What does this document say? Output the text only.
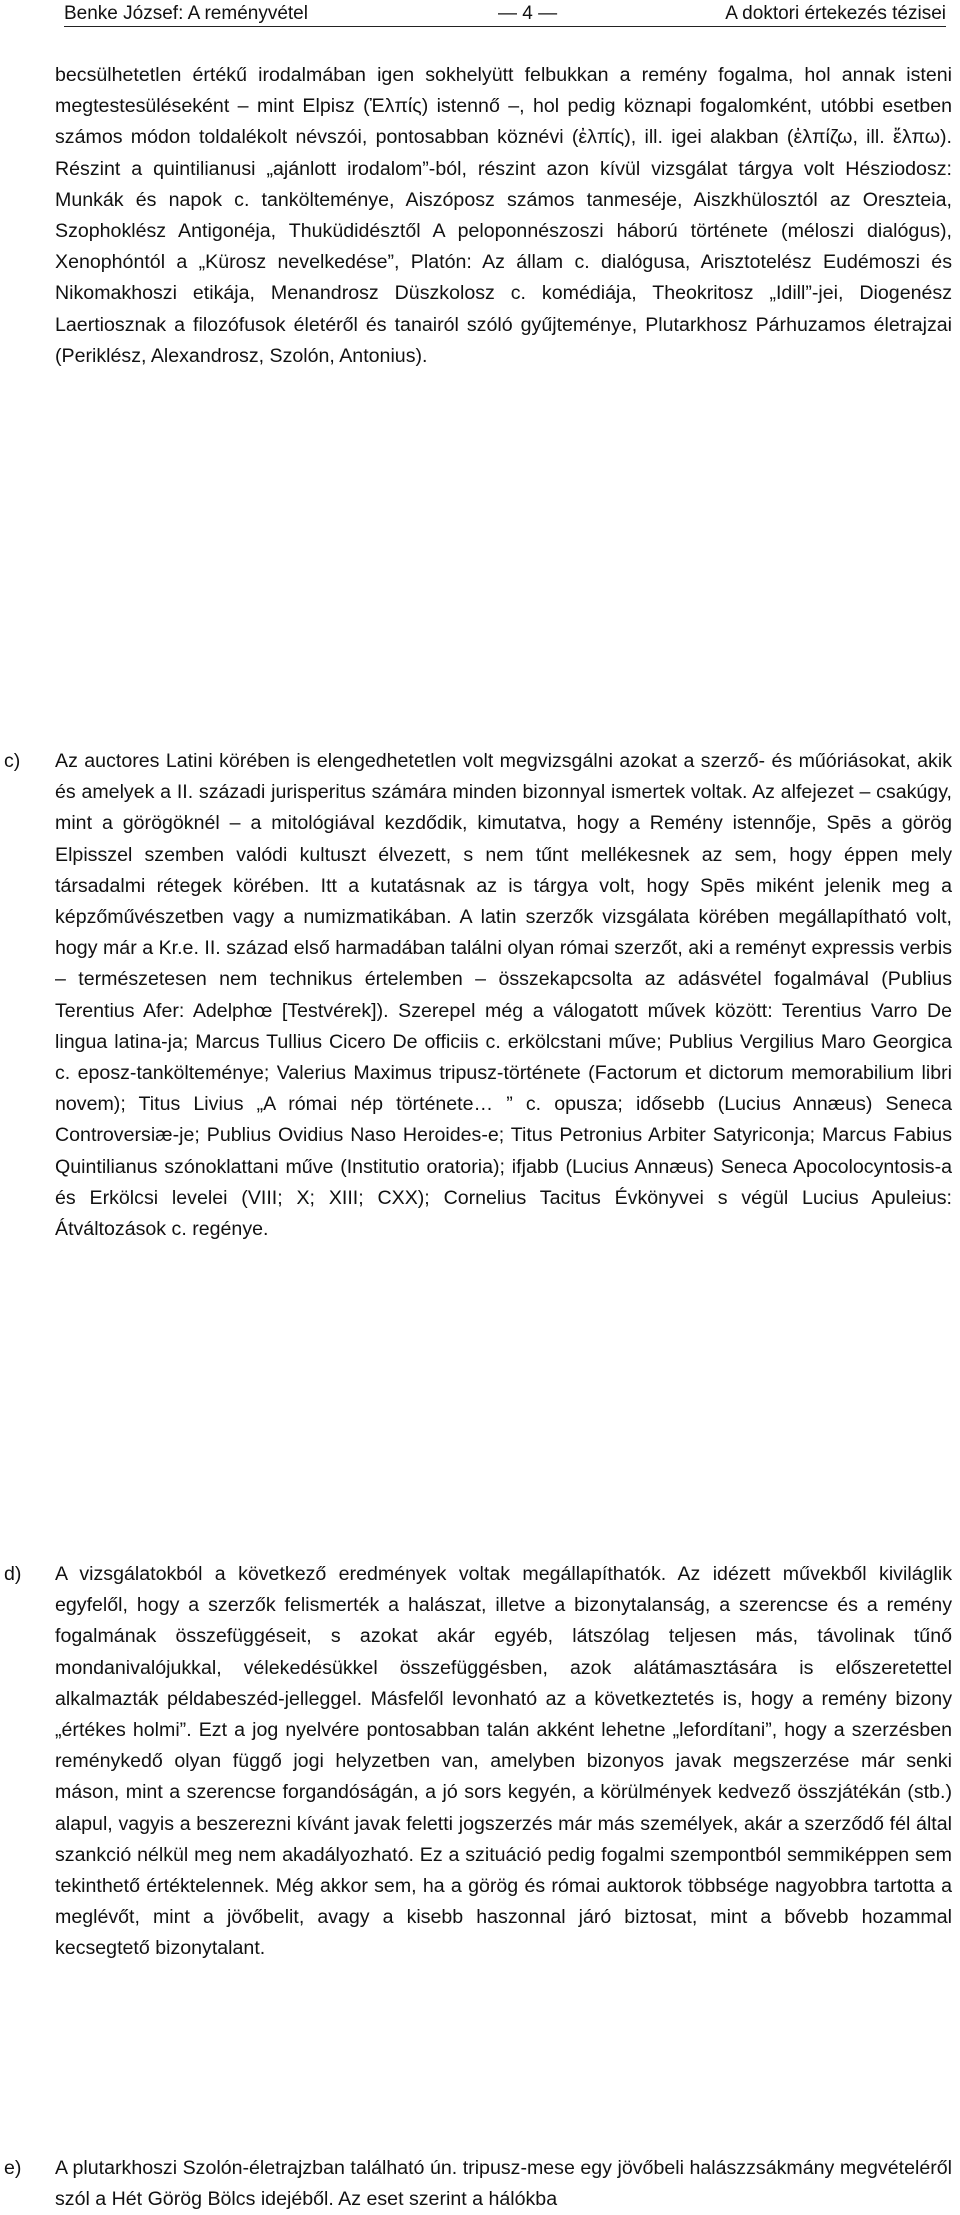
Benke József: A reményvétel	— 4 —	A doktori értekezés tézisei
becsülhetetlen értékű irodalmában igen sokhelyütt felbukkan a remény fogalma, hol annak isteni megtestesüléseként – mint Elpisz (Ἐλπίς) istennő –, hol pedig köznapi fogalomként, utóbbi esetben számos módon toldalékolt névszói, pontosabban köznévi (ἐλπίς), ill. igei alakban (ἐλπίζω, ill. ἔλπω). Részint a quintilianusi „ajánlott irodalom”-ból, részint azon kívül vizsgálat tárgya volt Hésziodosz: Munkák és napok c. tankölteménye, Aiszóposz számos tanmeséje, Aiszkhülosztól az Oreszteia, Szophoklész Antigonéja, Thuküdidésztől A peloponnészoszi háború története (méloszi dialógus), Xenophóntól a „Kürosz nevelkedése”, Platón: Az állam c. dialógusa, Arisztotelész Eudémoszi és Nikomakhoszi etikája, Menandrosz Düszkolosz c. komédiája, Theokritosz „Idill”-jei, Diogenész Laertiosznak a filozófusok életéről és tanairól szóló gyűjteménye, Plutarkhosz Párhuzamos életrajzai (Periklész, Alexandrosz, Szolón, Antonius).
c) Az auctores Latini körében is elengedhetetlen volt megvizsgálni azokat a szerző- és műóriásokat, akik és amelyek a II. századi jurisperitus számára minden bizonnyal ismertek voltak. Az alfejezet – csakúgy, mint a görögöknél – a mitológiával kezdődik, kimutatva, hogy a Remény istennője, Spēs a görög Elpisszel szemben valódi kultuszt élvezett, s nem tűnt mellékesnek az sem, hogy éppen mely társadalmi rétegek körében. Itt a kutatásnak az is tárgya volt, hogy Spēs miként jelenik meg a képzőművészetben vagy a numizmatikában. A latin szerzők vizsgálata körében megállapítható volt, hogy már a Kr.e. II. század első harmadában találni olyan római szerzőt, aki a reményt expressis verbis – természetesen nem technikus értelemben – összekapcsolta az adásvétel fogalmával (Publius Terentius Afer: Adelphœ [Testvérek]). Szerepel még a válogatott művek között: Terentius Varro De lingua latina-ja; Marcus Tullius Cicero De officiis c. erkölcstani műve; Publius Vergilius Maro Georgica c. eposz-tankölteménye; Valerius Maximus tripusz-története (Factorum et dictorum memorabilium libri novem); Titus Livius „A római nép története… ” c. opusza; idősebb (Lucius Annæus) Seneca Controversiæ-je; Publius Ovidius Naso Heroides-e; Titus Petronius Arbiter Satyriconja; Marcus Fabius Quintilianus szónoklattani műve (Institutio oratoria); ifjabb (Lucius Annæus) Seneca Apocolocyntosis-a és Erkölcsi levelei (VIII; X; XIII; CXX); Cornelius Tacitus Évkönyvei s végül Lucius Apuleius: Átváltozások c. regénye.
d) A vizsgálatokból a következő eredmények voltak megállapíthatók. Az idézett művekből kiviláglik egyfelől, hogy a szerzők felismerték a halászat, illetve a bizonytalanság, a szerencse és a remény fogalmának összefüggéseit, s azokat akár egyéb, látszólag teljesen más, távolinak tűnő mondanivalójukkal, vélekedésükkel összefüggésben, azok alátámasztására is előszeretettel alkalmazták példabeszéd-jelleggel. Másfelől levonható az a következtetés is, hogy a remény bizony „értékes holmi”. Ezt a jog nyelvére pontosabban talán akként lehetne „lefordítani”, hogy a szerzésben reménykedő olyan függő jogi helyzetben van, amelyben bizonyos javak megszerzése már senki máson, mint a szerencse forgandóságán, a jó sors kegyén, a körülmények kedvező összjátékán (stb.) alapul, vagyis a beszerezni kívánt javak feletti jogszerzés már más személyek, akár a szerződő fél által szankció nélkül meg nem akadályozható. Ez a szituáció pedig fogalmi szempontból semmiképpen sem tekinthető értéktelennek. Még akkor sem, ha a görög és római auktorok többsége nagyobbra tartotta a meglévőt, mint a jövőbelit, avagy a kisebb haszonnal járó biztosat, mint a bővebb hozammal kecsegtető bizonytalant.
e) A plutarkhoszi Szolón-életrajzban található ún. tripusz-mese egy jövőbeli halászzsákmány megvételéről szól a Hét Görög Bölcs idejéből. Az eset szerint a hálókba
